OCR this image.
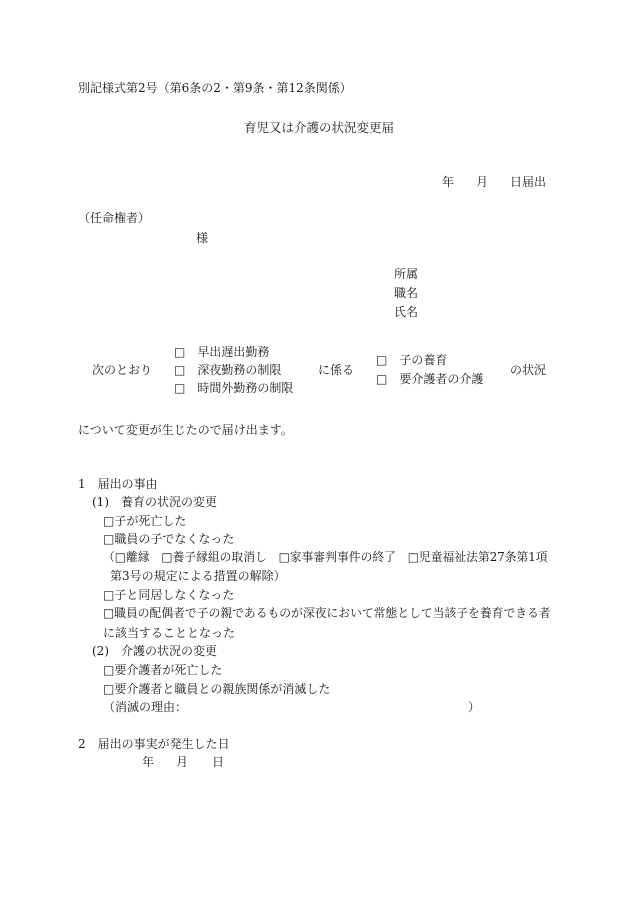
別記様式第2号（第6条の2・第9条・第12条関係）
育児又は介護の状況変更届
年 月 日届出
（任命権者）
様
所属
職名
氏名
次のとおり
□　早出遅出勤務
□　深夜勤務の制限
□　時間外勤務の制限
に係る
□　子の養育
□　要介護者の介護
の状況
について変更が生じたので届け出ます。
1　届出の事由
(1)　養育の状況の変更
□子が死亡した
□職員の子でなくなった
（□離縁　□養子縁組の取消し　□家事審判事件の終了　□児童福祉法第27条第1項
第3号の規定による措置の解除）
□子と同居しなくなった
□職員の配偶者で子の親であるものが深夜において常態として当該子を養育できる者
に該当することとなった
(2)　介護の状況の変更
□要介護者が死亡した
□要介護者と職員との親族関係が消滅した
（消滅の理由：	）
2　届出の事実が発生した日
年 月 日
